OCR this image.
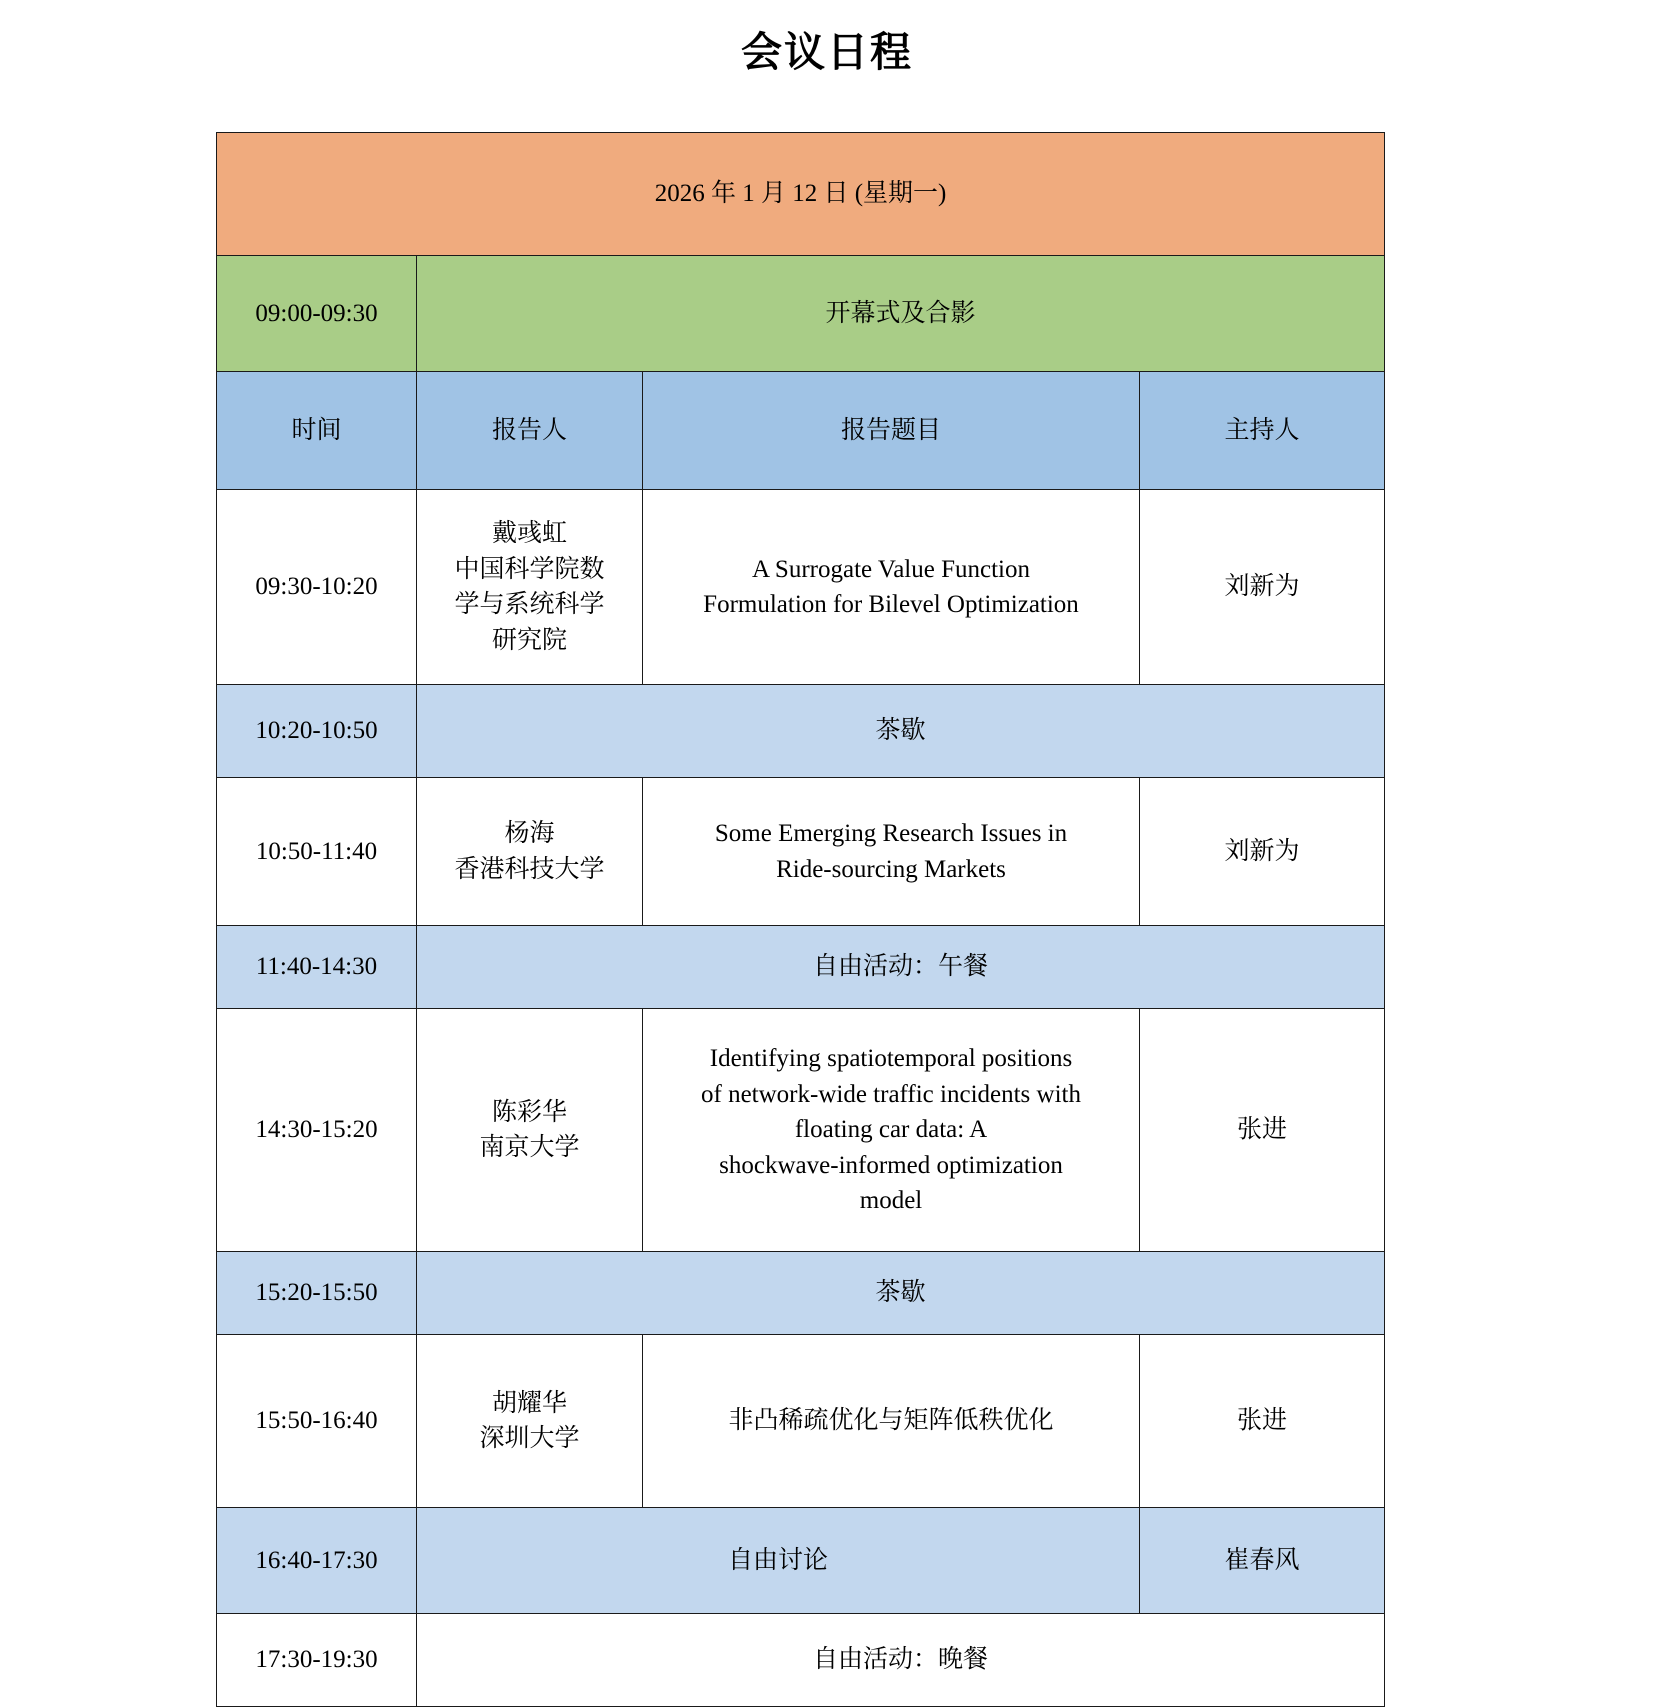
会议日程
2026 年 1 月 12 日 (星期一)			
09:00-09:30	开幕式及合影		
时间	报告人	报告题目	主持人
09:30-10:20	戴彧虹
中国科学院数
学与系统科学
研究院	A Surrogate Value Function
Formulation for Bilevel Optimization	刘新为
10:20-10:50	茶歇		
10:50-11:40	杨海
香港科技大学	Some Emerging Research Issues in
Ride-sourcing Markets	刘新为
11:40-14:30	自由活动：午餐		
14:30-15:20	陈彩华
南京大学	Identifying spatiotemporal positions
of network-wide traffic incidents with
floating car data: A
shockwave-informed optimization
model	张进
15:20-15:50	茶歇		
15:50-16:40	胡耀华
深圳大学	非凸稀疏优化与矩阵低秩优化	张进
16:40-17:30	自由讨论		崔春风
17:30-19:30	自由活动：晚餐		
